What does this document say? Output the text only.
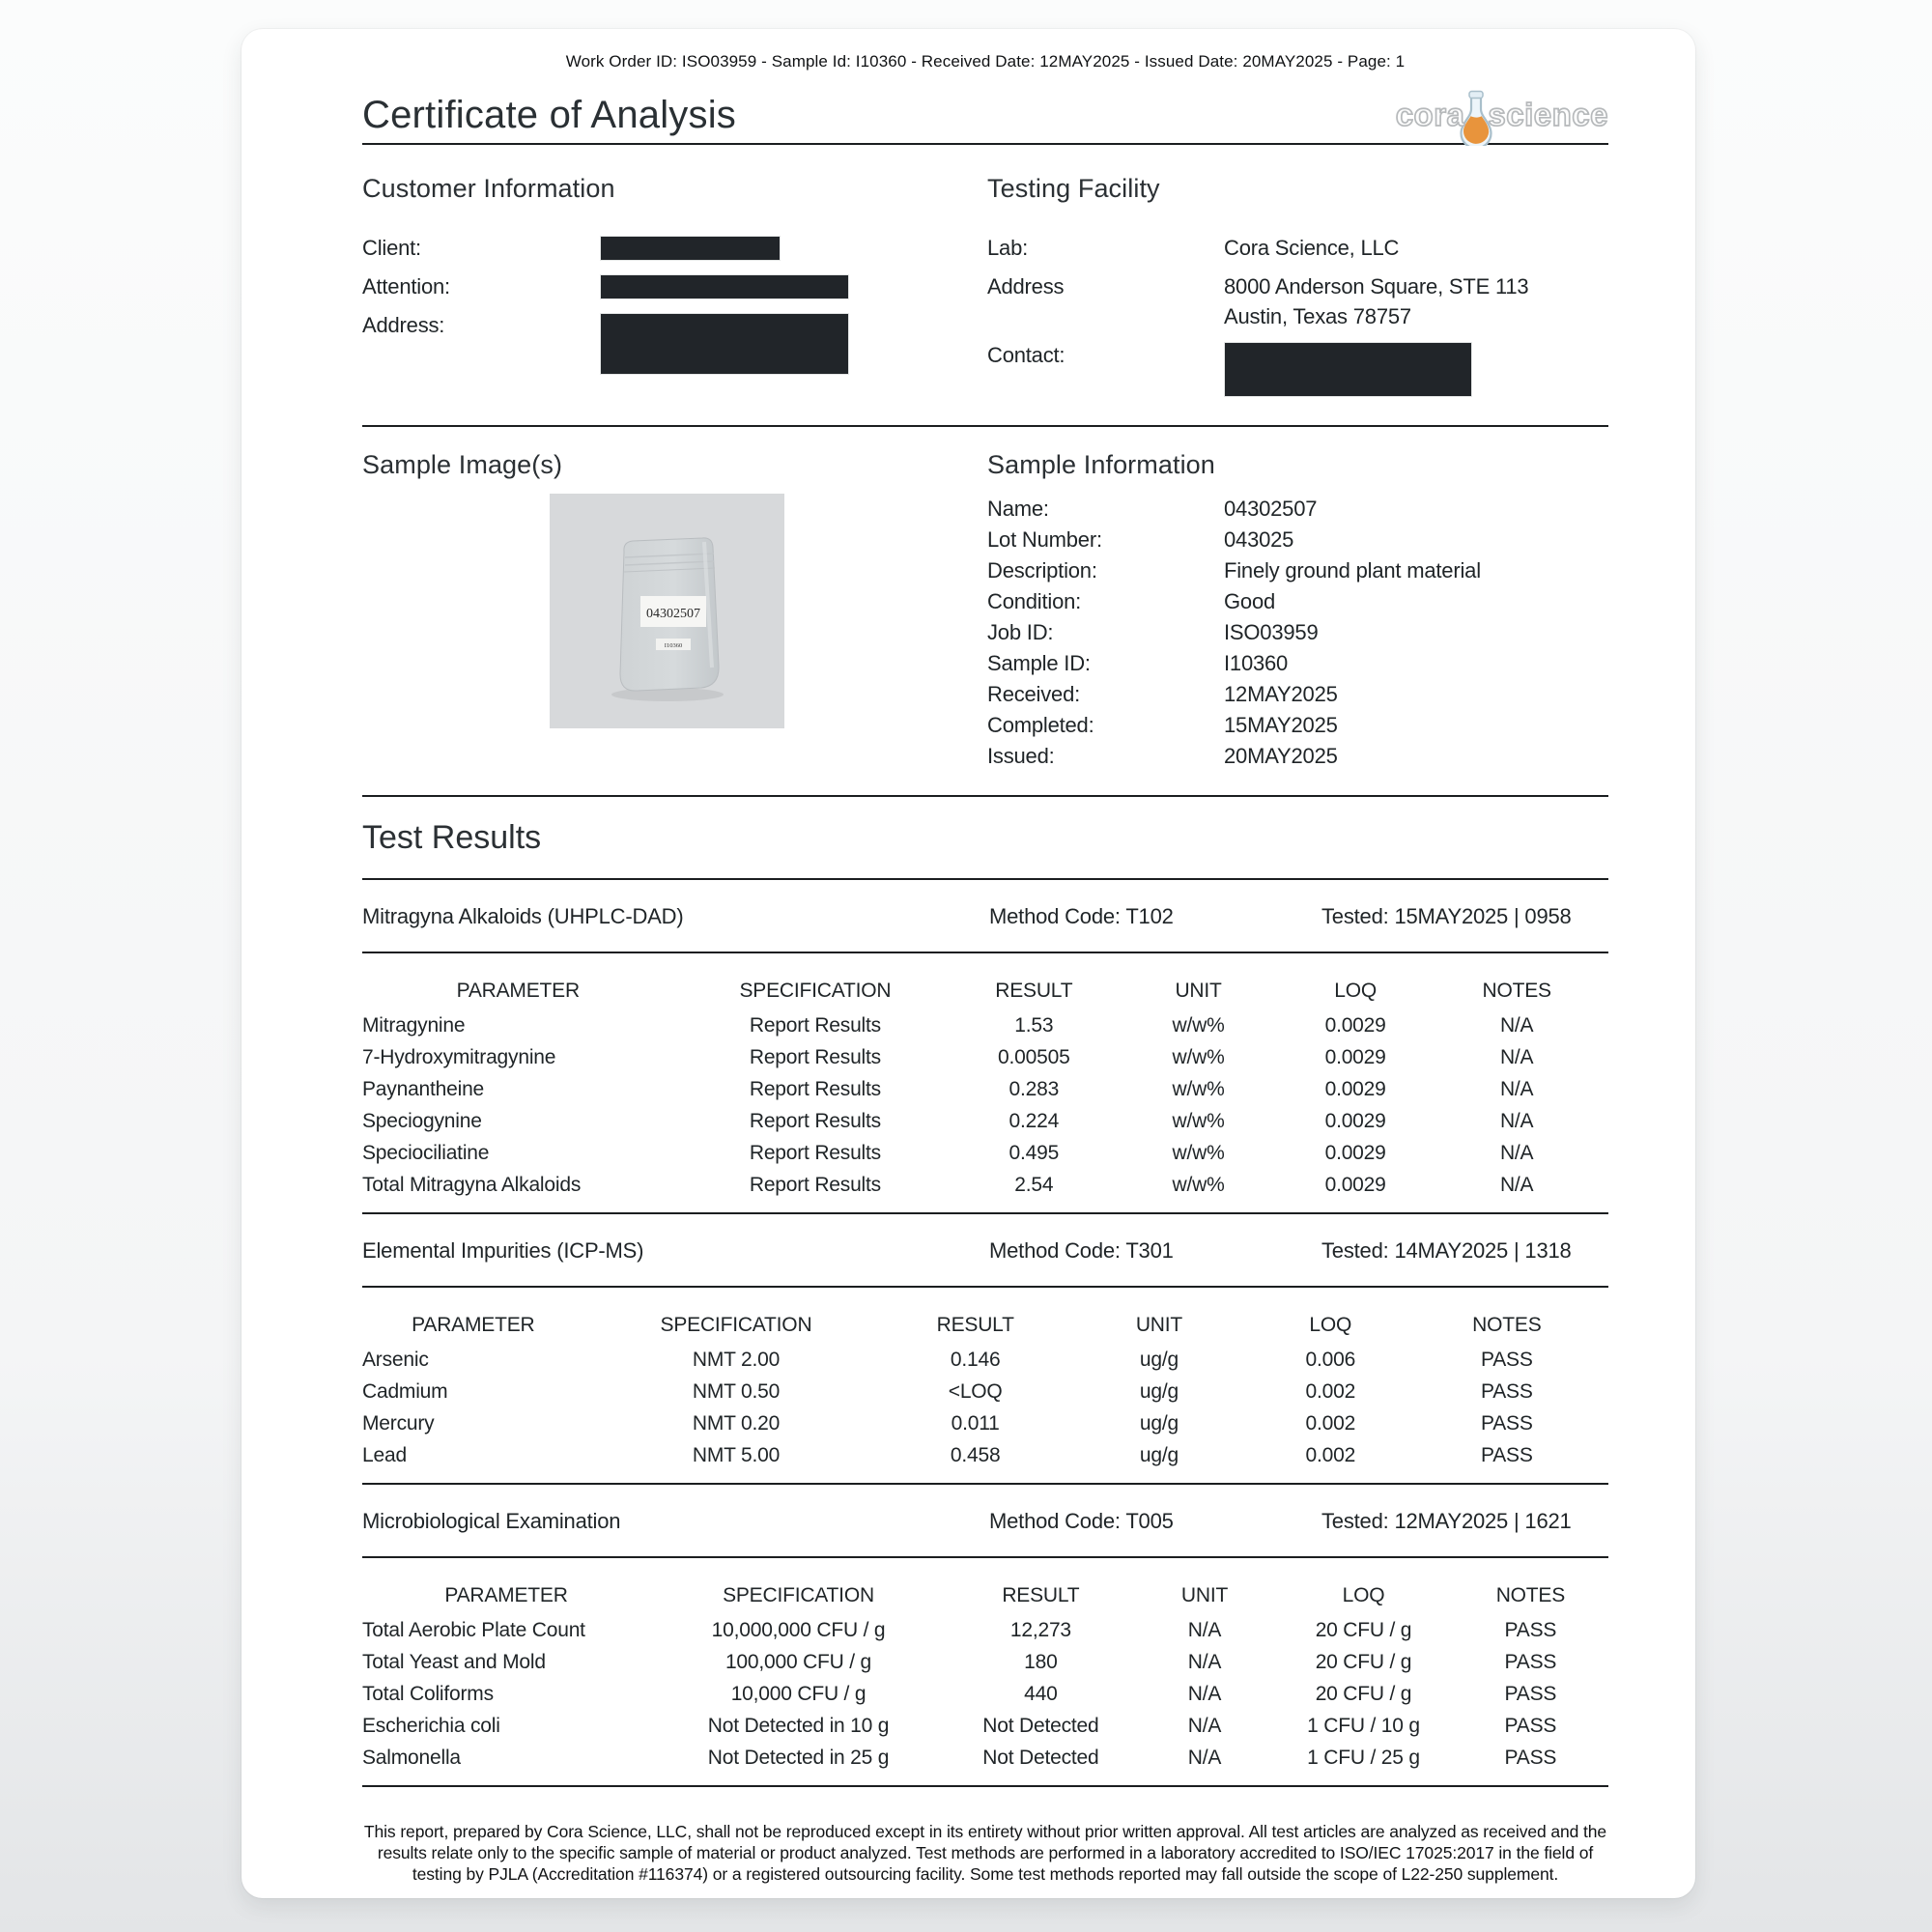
Work Order ID: ISO03959 - Sample Id: I10360 - Received Date: 12MAY2025 - Issued Date: 20MAY2025 - Page: 1
Certificate of Analysis	cora science
Customer Information
Client:
Attention:
Address:
Testing Facility
Lab:	Cora Science, LLC
Address	8000 Anderson Square, STE 113
Austin, Texas 78757
Contact:
Sample Image(s)
04302507
I10360
Sample Information
Name:	04302507
Lot Number:	043025
Description:	Finely ground plant material
Condition:	Good
Job ID:	ISO03959
Sample ID:	I10360
Received:	12MAY2025
Completed:	15MAY2025
Issued:	20MAY2025
Test Results
Mitragyna Alkaloids (UHPLC-DAD)	Method Code: T102	Tested: 15MAY2025 | 0958
PARAMETER	SPECIFICATION	RESULT	UNIT	LOQ	NOTES
Mitragynine	Report Results	1.53	w/w%	0.0029	N/A
7-Hydroxymitragynine	Report Results	0.00505	w/w%	0.0029	N/A
Paynantheine	Report Results	0.283	w/w%	0.0029	N/A
Speciogynine	Report Results	0.224	w/w%	0.0029	N/A
Speciociliatine	Report Results	0.495	w/w%	0.0029	N/A
Total Mitragyna Alkaloids	Report Results	2.54	w/w%	0.0029	N/A
Elemental Impurities (ICP-MS)	Method Code: T301	Tested: 14MAY2025 | 1318
PARAMETER	SPECIFICATION	RESULT	UNIT	LOQ	NOTES
Arsenic	NMT 2.00	0.146	ug/g	0.006	PASS
Cadmium	NMT 0.50	<LOQ	ug/g	0.002	PASS
Mercury	NMT 0.20	0.011	ug/g	0.002	PASS
Lead	NMT 5.00	0.458	ug/g	0.002	PASS
Microbiological Examination	Method Code: T005	Tested: 12MAY2025 | 1621
PARAMETER	SPECIFICATION	RESULT	UNIT	LOQ	NOTES
Total Aerobic Plate Count	10,000,000 CFU / g	12,273	N/A	20 CFU / g	PASS
Total Yeast and Mold	100,000 CFU / g	180	N/A	20 CFU / g	PASS
Total Coliforms	10,000 CFU / g	440	N/A	20 CFU / g	PASS
Escherichia coli	Not Detected in 10 g	Not Detected	N/A	1 CFU / 10 g	PASS
Salmonella	Not Detected in 25 g	Not Detected	N/A	1 CFU / 25 g	PASS
This report, prepared by Cora Science, LLC, shall not be reproduced except in its entirety without prior written approval. All test articles are analyzed as received and the results relate only to the specific sample of material or product analyzed. Test methods are performed in a laboratory accredited to ISO/IEC 17025:2017 in the field of testing by PJLA (Accreditation #116374) or a registered outsourcing facility. Some test methods reported may fall outside the scope of L22-250 supplement.
